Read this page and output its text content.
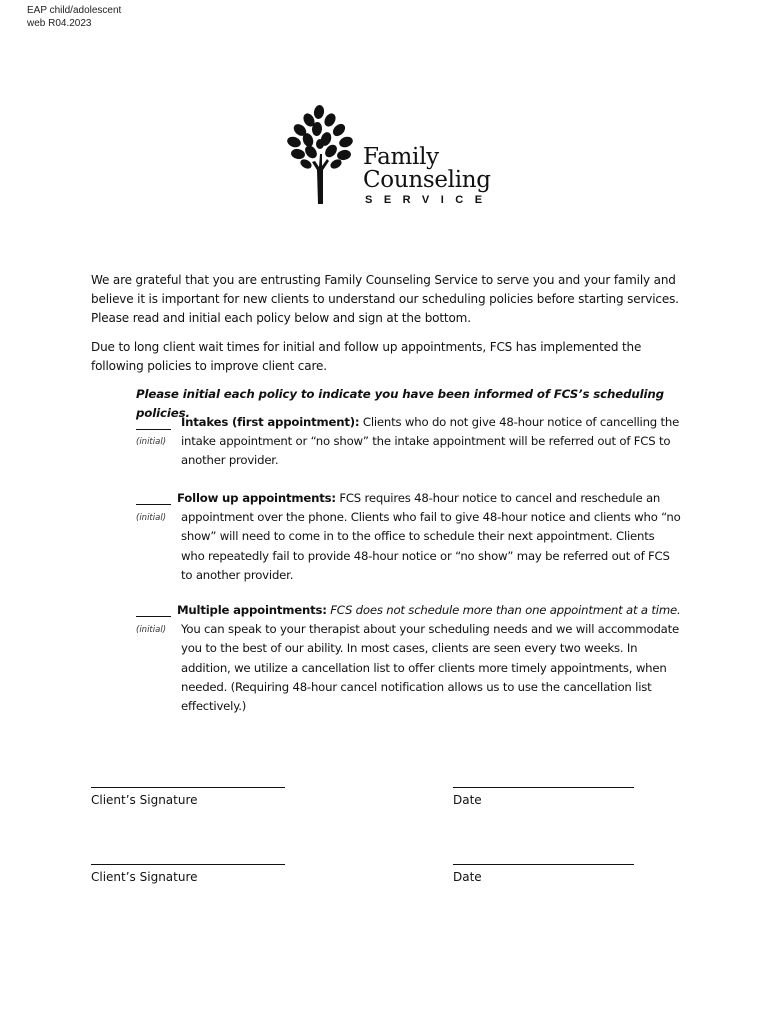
EAP child/adolescent
web R04.2023
Family
Counseling
SERVICE
We are grateful that you are entrusting Family Counseling Service to serve you and your family and believe it is important for new clients to understand our scheduling policies before starting services. Please read and initial each policy below and sign at the bottom.
Due to long client wait times for initial and follow up appointments, FCS has implemented the following policies to improve client care.
Please initial each policy to indicate you have been informed of FCS’s scheduling policies.
(initial)
Intakes (first appointment): Clients who do not give 48-hour notice of cancelling the intake appointment or “no show” the intake appointment will be referred out of FCS to another provider.
(initial)
Follow up appointments: FCS requires 48-hour notice to cancel and reschedule an appointment over the phone. Clients who fail to give 48-hour notice and clients who “no show” will need to come in to the office to schedule their next appointment. Clients who repeatedly fail to provide 48-hour notice or “no show” may be referred out of FCS to another provider.
(initial)
Multiple appointments: FCS does not schedule more than one appointment at a time. You can speak to your therapist about your scheduling needs and we will accommodate you to the best of our ability. In most cases, clients are seen every two weeks. In addition, we utilize a cancellation list to offer clients more timely appointments, when needed. (Requiring 48-hour cancel notification allows us to use the cancellation list effectively.)
Client’s Signature	Date
Client’s Signature	Date
